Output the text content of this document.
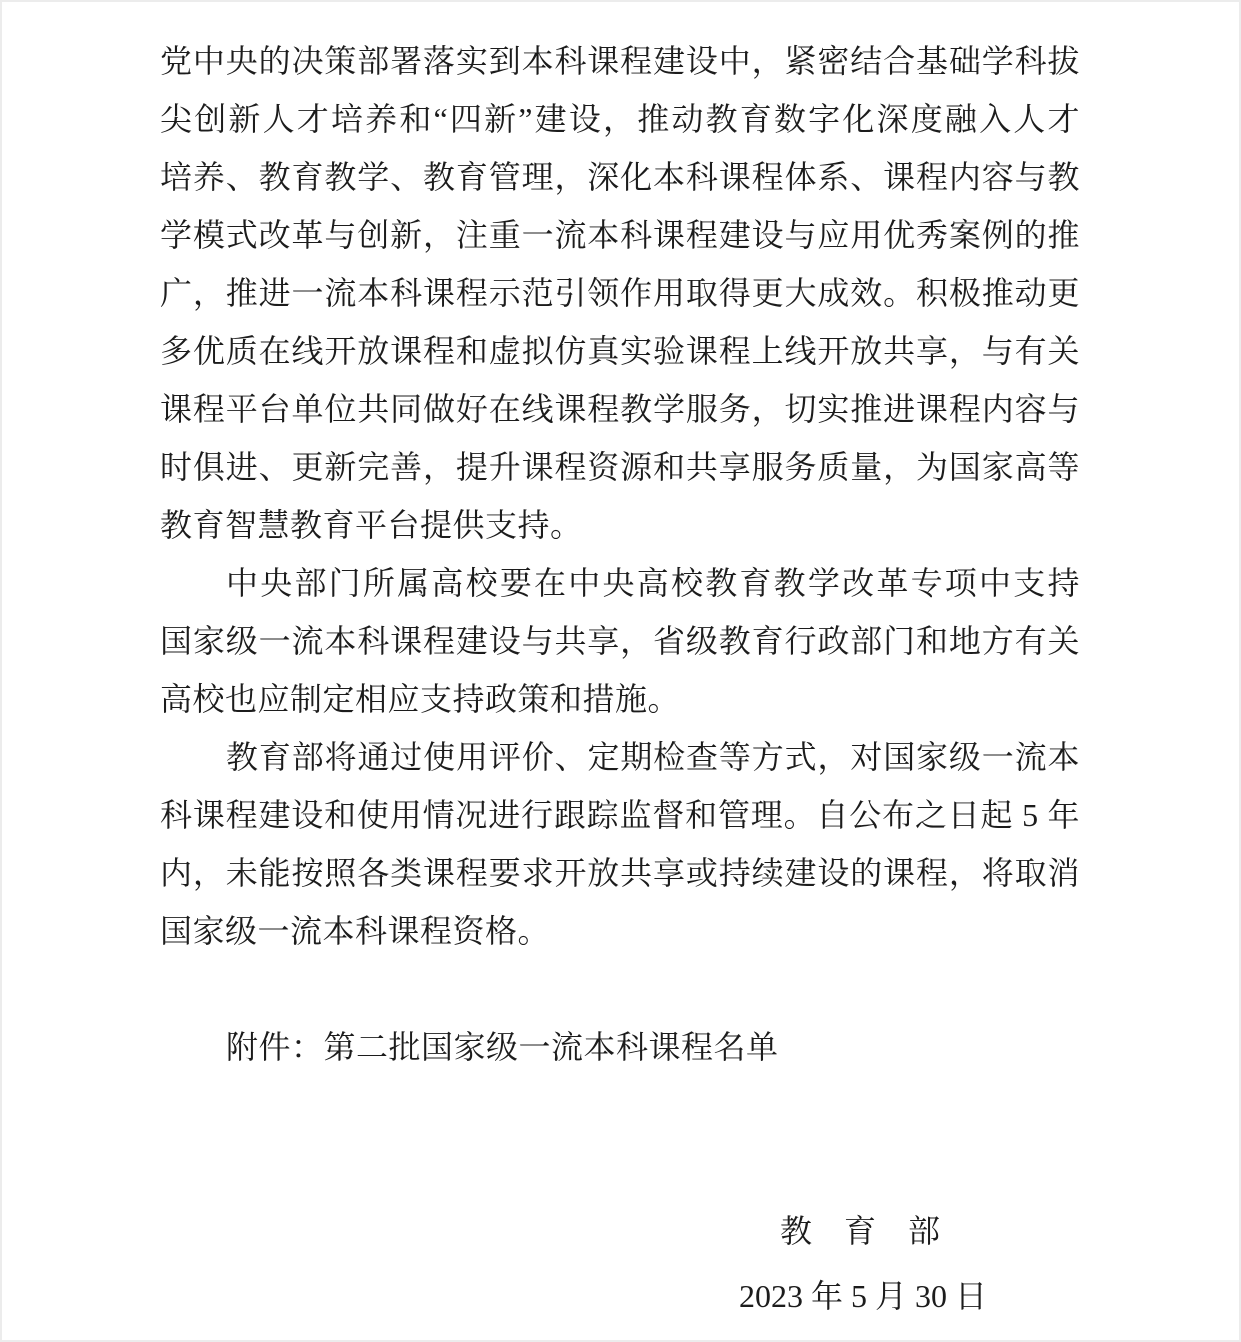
党中央的决策部署落实到本科课程建设中，紧密结合基础学科拔
尖创新人才培养和“四新”建设，推动教育数字化深度融入人才
培养、教育教学、教育管理，深化本科课程体系、课程内容与教
学模式改革与创新，注重一流本科课程建设与应用优秀案例的推
广，推进一流本科课程示范引领作用取得更大成效。积极推动更
多优质在线开放课程和虚拟仿真实验课程上线开放共享，与有关
课程平台单位共同做好在线课程教学服务，切实推进课程内容与
时俱进、更新完善，提升课程资源和共享服务质量，为国家高等
教育智慧教育平台提供支持。
中央部门所属高校要在中央高校教育教学改革专项中支持
国家级一流本科课程建设与共享，省级教育行政部门和地方有关
高校也应制定相应支持政策和措施。
教育部将通过使用评价、定期检查等方式，对国家级一流本
科课程建设和使用情况进行跟踪监督和管理。自公布之日起 5 年
内，未能按照各类课程要求开放共享或持续建设的课程，将取消
国家级一流本科课程资格。
附件：第二批国家级一流本科课程名单
教　育　部
2023 年 5 月 30 日
